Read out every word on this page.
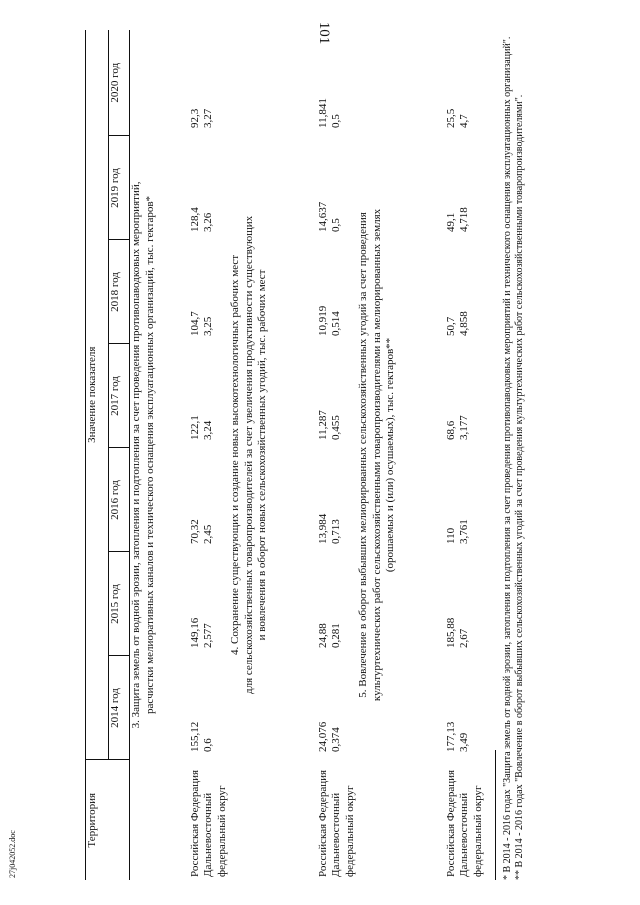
101
27j042052.doc
Территория	Значение показателя						
	2014 год	2015 год	2016 год	2017 год	2018 год	2019 год	2020 год

3. Защита земель от водной эрозии, затопления и подтопления за счет проведения противопаводковых мероприятий, расчистки мелиоративных каналов и технического оснащения эксплуатационных организаций, тыс. гектаров*							

Российская Федерация	155,12	149,16	70,32	122,1	104,7	128,4	92,3
Дальневосточный	0,6	2,577	2,45	3,24	3,25	3,26	3,27
федеральный округ							

4. Сохранение существующих и создание новых высокотехнологичных рабочих мест для сельскохозяйственных товаропроизводителей за счет увеличения продуктивности существующих и вовлечения в оборот новых сельскохозяйственных угодий, тыс. рабочих мест							

Российская Федерация	24,076	24,88	13,984	11,287	10,919	14,637	11,841
Дальневосточный	0,374	0,281	0,713	0,455	0,514	0,5	0,5
федеральный округ							

5. Вовлечение в оборот выбывших мелиорированных сельскохозяйственных угодий за счет проведения культуртехнических работ сельскохозяйственными товаропроизводителями на мелиорированных землях (орошаемых и (или) осушаемых), тыс. гектаров**							

Российская Федерация	177,13	185,88	110	68,6	50,7	49,1	25,5
Дальневосточный	3,49	2,67	3,761	3,177	4,858	4,718	4,7
федеральный округ							* В 2014 - 2016 годах "Защита земель от водной эрозии, затопления и подтопления за счет проведения противопаводковых мероприятий и технического оснащения эксплуатационных организаций". ** В 2014 - 2016 годах "Вовлечение в оборот выбывших сельскохозяйственных угодий за счет проведения культуртехнических работ сельскохозяйственными товаропроизводителями".
